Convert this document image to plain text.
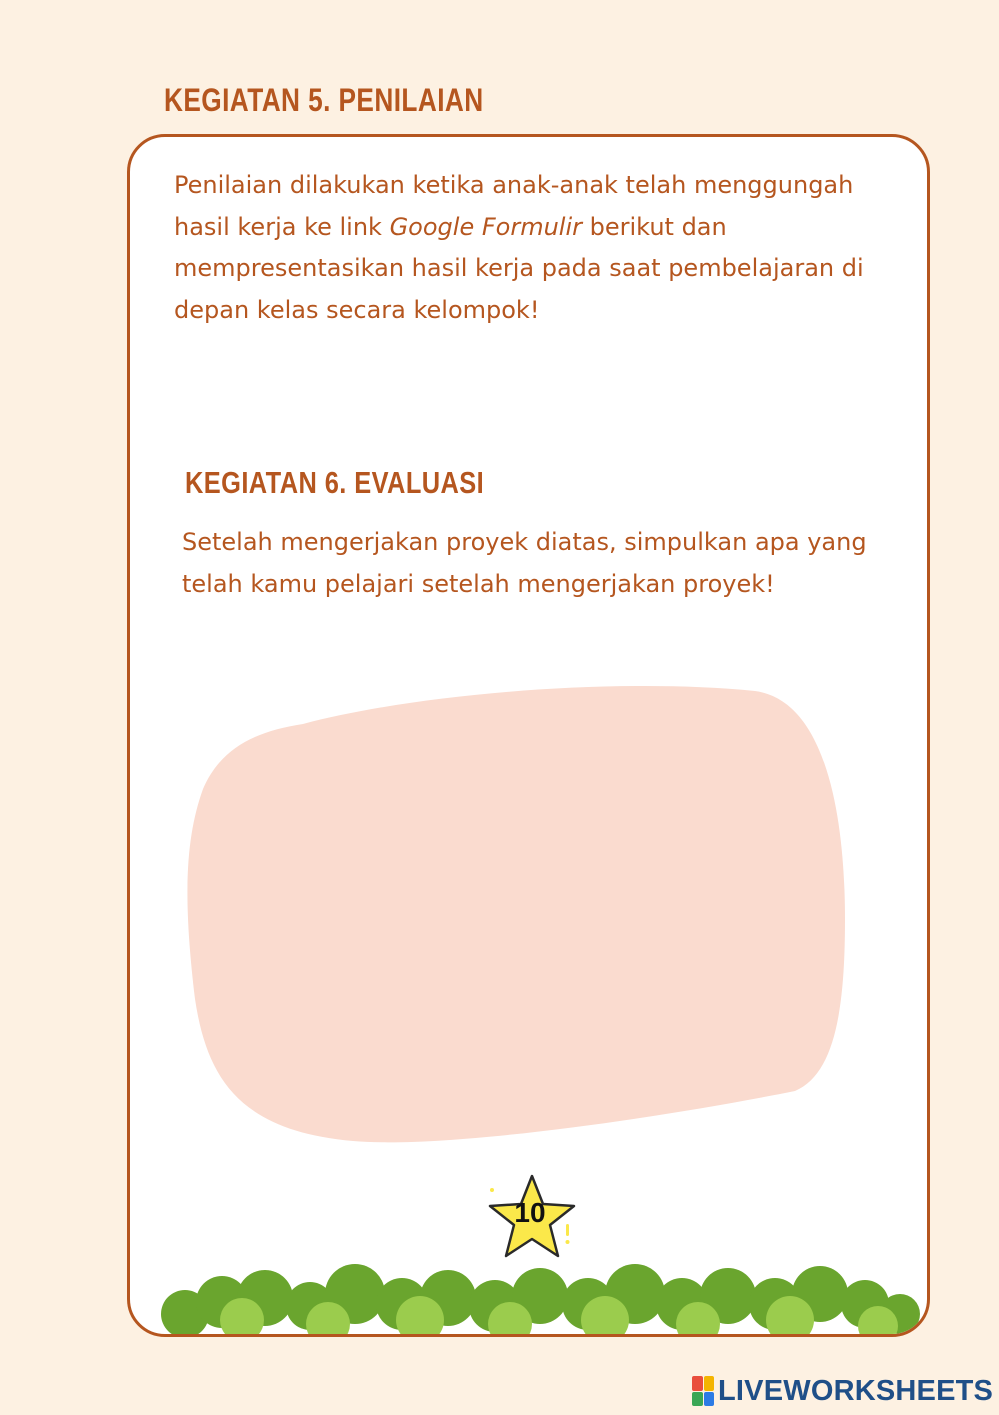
KEGIATAN 5. PENILAIAN

Penilaian dilakukan ketika anak-anak telah menggungah hasil kerja ke link Google Formulir berikut dan mempresentasikan hasil kerja pada saat pembelajaran di depan kelas secara kelompok!

Setelah mengerjakan proyek diatas, simpulkan apa yang telah kamu pelajari setelah mengerjakan proyek!

KEGIATAN 6. EVALUASI
10
LIVEWORKSHEETS
